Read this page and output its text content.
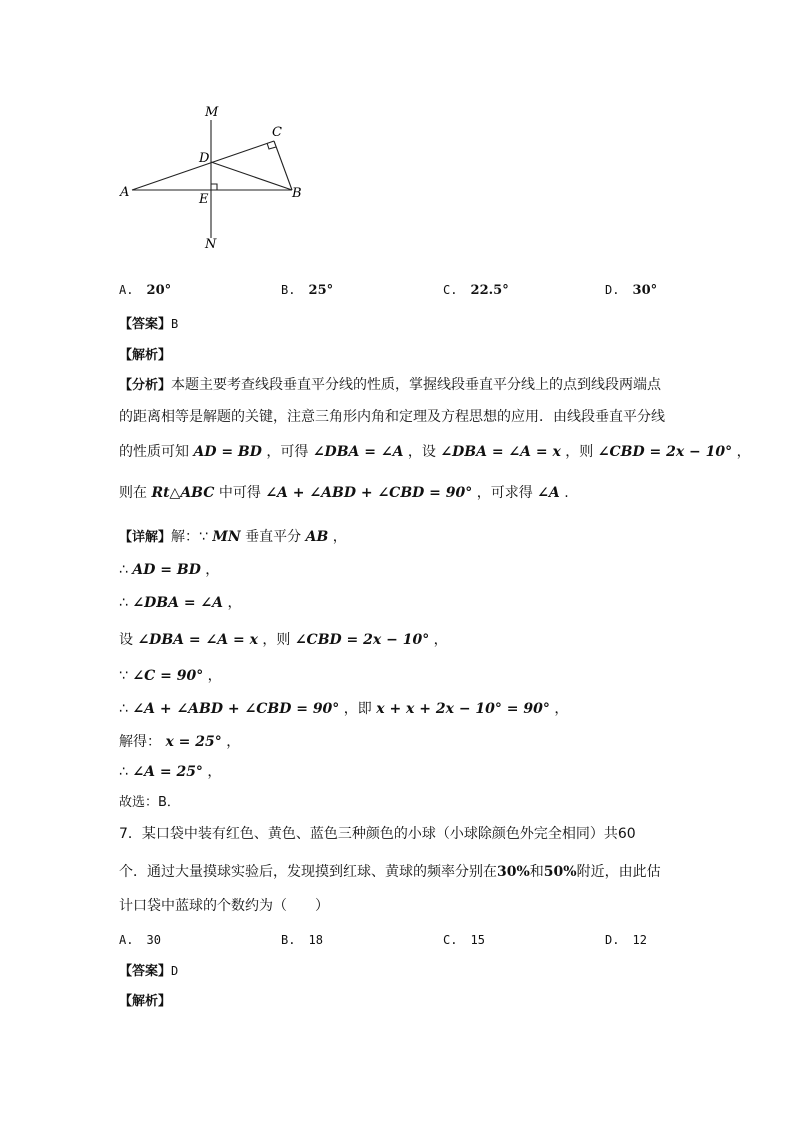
M
C
D
A	E	B
N
A. 20°	B. 25°	C. 22.5°	D. 30°
【答案】B
【解析】
【分析】本题主要考查线段垂直平分线的性质，掌握线段垂直平分线上的点到线段两端点
的距离相等是解题的关键，注意三角形内角和定理及方程思想的应用．由线段垂直平分线
的性质可知 AD = BD ，可得 ∠DBA = ∠A ，设 ∠DBA = ∠A = x ，则 ∠CBD = 2x − 10° ，
则在 Rt△ABC 中可得 ∠A + ∠ABD + ∠CBD = 90° ，可求得 ∠A .
【详解】解：∵ MN 垂直平分 AB ，
∴ AD = BD ，
∴ ∠DBA = ∠A ，
设 ∠DBA = ∠A = x ，则 ∠CBD = 2x − 10° ，
∵ ∠C = 90° ，
∴ ∠A + ∠ABD + ∠CBD = 90° ，即 x + x + 2x − 10° = 90° ，
解得： x = 25° ，
∴ ∠A = 25° ，
故选：B．
7．某口袋中装有红色、黄色、蓝色三种颜色的小球（小球除颜色外完全相同）共60
个．通过大量摸球实验后，发现摸到红球、黄球的频率分别在30%和50%附近，由此估
计口袋中蓝球的个数约为（　　）
A. 30	B. 18	C. 15	D. 12
【答案】D
【解析】
